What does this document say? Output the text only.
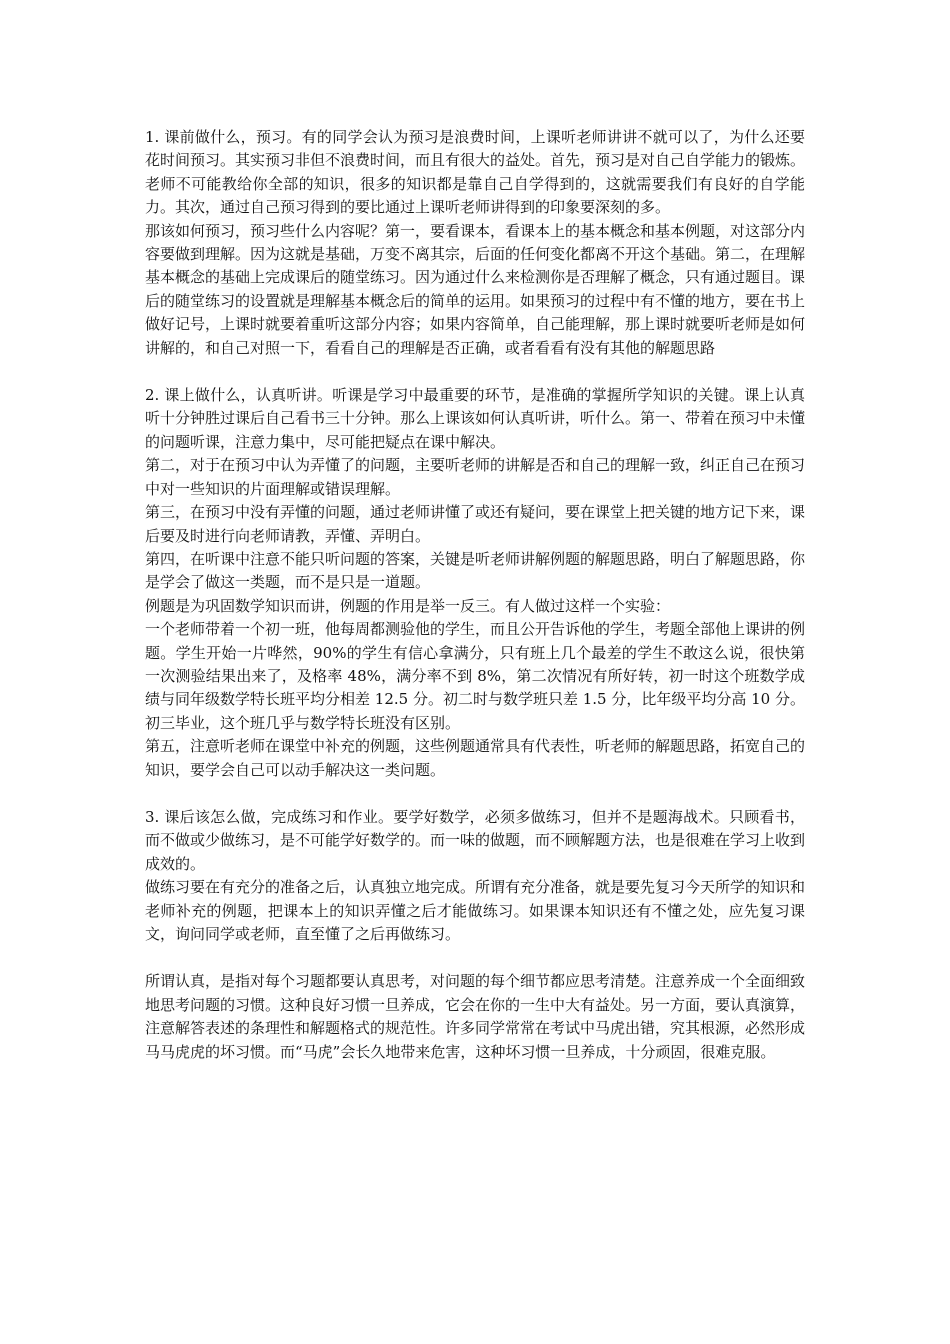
1. 课前做什么，预习。有的同学会认为预习是浪费时间，上课听老师讲讲不就可以了，为什么还要花时间预习。其实预习非但不浪费时间，而且有很大的益处。首先，预习是对自己自学能力的锻炼。老师不可能教给你全部的知识，很多的知识都是靠自己自学得到的，这就需要我们有良好的自学能力。其次，通过自己预习得到的要比通过上课听老师讲得到的印象要深刻的多。

那该如何预习，预习些什么内容呢？第一，要看课本，看课本上的基本概念和基本例题，对这部分内容要做到理解。因为这就是基础，万变不离其宗，后面的任何变化都离不开这个基础。第二，在理解基本概念的基础上完成课后的随堂练习。因为通过什么来检测你是否理解了概念，只有通过题目。课后的随堂练习的设置就是理解基本概念后的简单的运用。如果预习的过程中有不懂的地方，要在书上做好记号，上课时就要着重听这部分内容；如果内容简单，自己能理解，那上课时就要听老师是如何讲解的，和自己对照一下，看看自己的理解是否正确，或者看看有没有其他的解题思路

2. 课上做什么，认真听讲。听课是学习中最重要的环节，是准确的掌握所学知识的关键。课上认真听十分钟胜过课后自己看书三十分钟。那么上课该如何认真听讲，听什么。第一、带着在预习中未懂的问题听课，注意力集中，尽可能把疑点在课中解决。

第二，对于在预习中认为弄懂了的问题，主要听老师的讲解是否和自己的理解一致，纠正自己在预习中对一些知识的片面理解或错误理解。

第三，在预习中没有弄懂的问题，通过老师讲懂了或还有疑问，要在课堂上把关键的地方记下来，课后要及时进行向老师请教，弄懂、弄明白。

第四，在听课中注意不能只听问题的答案，关键是听老师讲解例题的解题思路，明白了解题思路，你是学会了做这一类题，而不是只是一道题。

例题是为巩固数学知识而讲，例题的作用是举一反三。有人做过这样一个实验：

一个老师带着一个初一班，他每周都测验他的学生，而且公开告诉他的学生，考题全部他上课讲的例题。学生开始一片哗然，90%的学生有信心拿满分，只有班上几个最差的学生不敢这么说，很快第一次测验结果出来了，及格率 48%，满分率不到 8%，第二次情况有所好转，初一时这个班数学成绩与同年级数学特长班平均分相差 12.5 分。初二时与数学班只差 1.5 分，比年级平均分高 10 分。初三毕业，这个班几乎与数学特长班没有区别。

第五，注意听老师在课堂中补充的例题，这些例题通常具有代表性，听老师的解题思路，拓宽自己的知识，要学会自己可以动手解决这一类问题。

3. 课后该怎么做，完成练习和作业。要学好数学，必须多做练习，但并不是题海战术。只顾看书，而不做或少做练习，是不可能学好数学的。而一味的做题，而不顾解题方法，也是很难在学习上收到成效的。

做练习要在有充分的准备之后，认真独立地完成。所谓有充分准备，就是要先复习今天所学的知识和老师补充的例题，把课本上的知识弄懂之后才能做练习。如果课本知识还有不懂之处，应先复习课文，询问同学或老师，直至懂了之后再做练习。

所谓认真，是指对每个习题都要认真思考，对问题的每个细节都应思考清楚。注意养成一个全面细致地思考问题的习惯。这种良好习惯一旦养成，它会在你的一生中大有益处。另一方面，要认真演算，注意解答表述的条理性和解题格式的规范性。许多同学常常在考试中马虎出错，究其根源，必然形成马马虎虎的坏习惯。而“马虎”会长久地带来危害，这种坏习惯一旦养成，十分顽固，很难克服。
